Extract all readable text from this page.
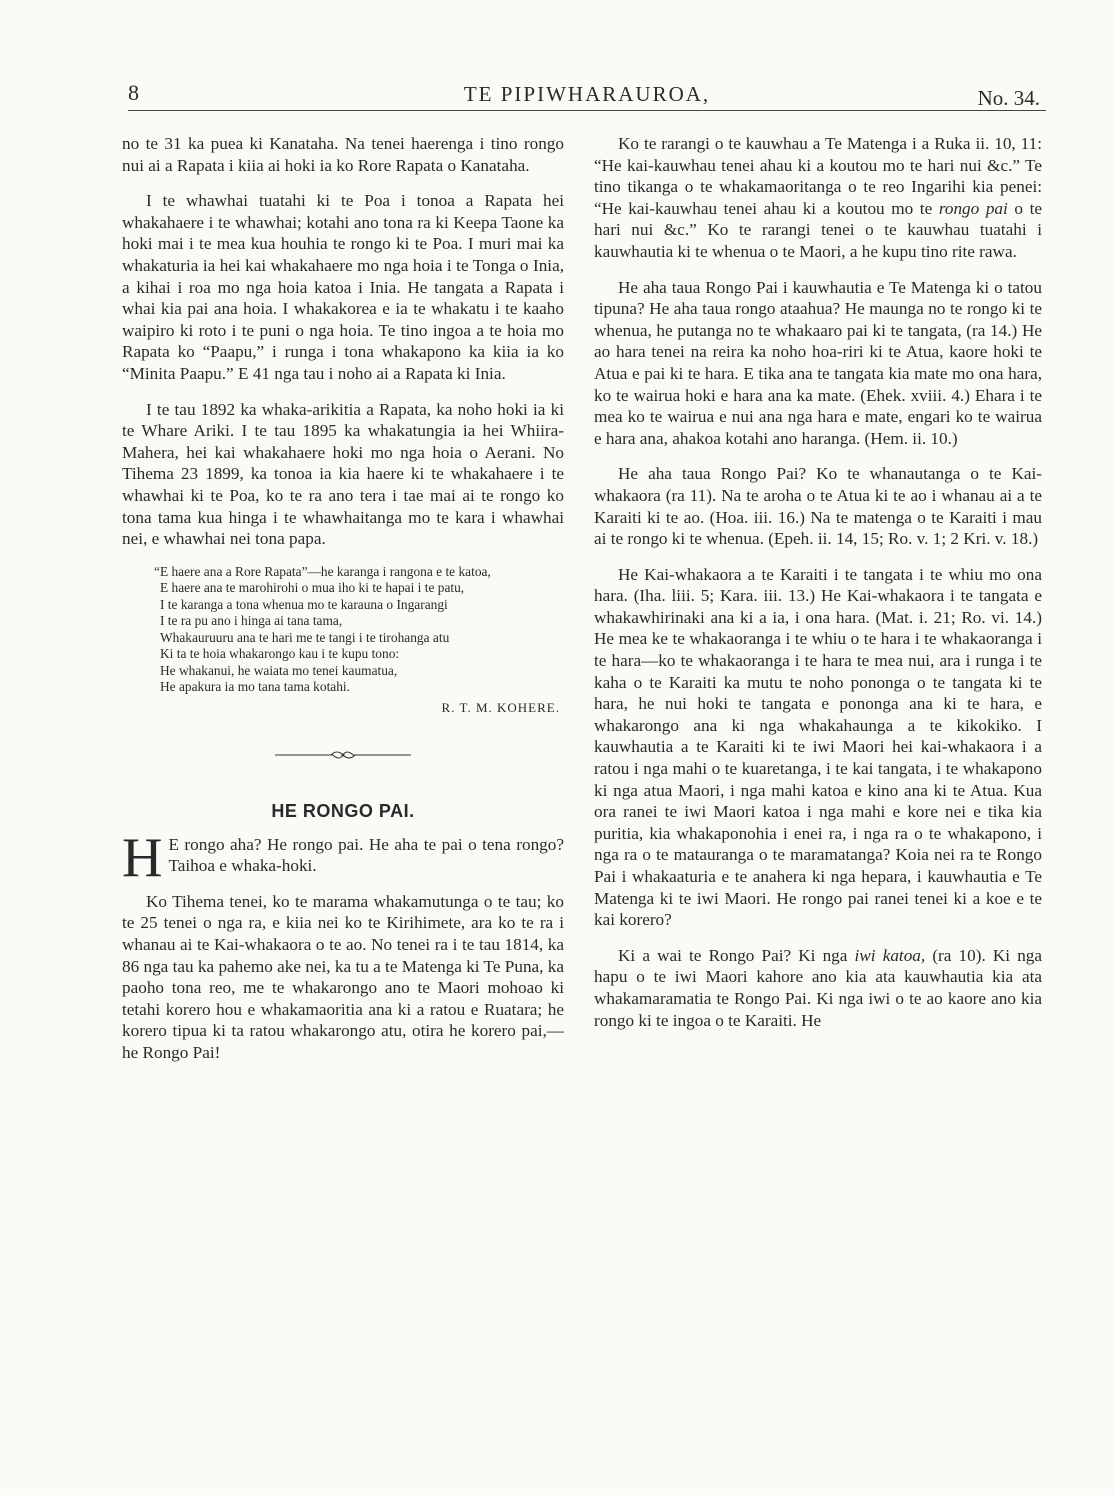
8	TE PIPIWHARAUROA,	No. 34.

no te 31 ka puea ki Kanataha. Na tenei haerenga i tino rongo nui ai a Rapata i kiia ai hoki ia ko Rore Rapata o Kanataha.

I te whawhai tuatahi ki te Poa i tonoa a Rapata hei whakahaere i te whawhai; kotahi ano tona ra ki Keepa Taone ka hoki mai i te mea kua houhia te rongo ki te Poa. I muri mai ka whakaturia ia hei kai whakahaere mo nga hoia i te Tonga o Inia, a kihai i roa mo nga hoia katoa i Inia. He tangata a Rapata i whai kia pai ana hoia. I whakakorea e ia te whakatu i te kaaho waipiro ki roto i te puni o nga hoia. Te tino ingoa a te hoia mo Rapata ko “Paapu,” i runga i tona whakapono ka kiia ia ko “Minita Paapu.” E 41 nga tau i noho ai a Rapata ki Inia.

I te tau 1892 ka whaka-arikitia a Rapata, ka noho hoki ia ki te Whare Ariki. I te tau 1895 ka whakatungia ia hei Whiira-Mahera, hei kai whakahaere hoki mo nga hoia o Aerani. No Tihema 23 1899, ka tonoa ia kia haere ki te whakahaere i te whawhai ki te Poa, ko te ra ano tera i tae mai ai te rongo ko tona tama kua hinga i te whawhaitanga mo te kara i whawhai nei, e whawhai nei tona papa.

“E haere ana a Rore Rapata”—he karanga i rangona e te katoa,
E haere ana te marohirohi o mua iho ki te hapai i te patu,
I te karanga a tona whenua mo te karauna o Ingarangi
I te ra pu ano i hinga ai tana tama,
Whakauruuru ana te hari me te tangi i te tirohanga atu
Ki ta te hoia whakarongo kau i te kupu tono:
He whakanui, he waiata mo tenei kaumatua,
He apakura ia mo tana tama kotahi.
R. T. M. KOHERE.
HE RONGO PAI.

H E rongo aha? He rongo pai. He aha te pai o tena rongo? Taihoa e whaka-hoki.

Ko Tihema tenei, ko te marama whakamutunga o te tau; ko te 25 tenei o nga ra, e kiia nei ko te Kirihimete, ara ko te ra i whanau ai te Kai-whakaora o te ao. No tenei ra i te tau 1814, ka 86 nga tau ka pahemo ake nei, ka tu a te Matenga ki Te Puna, ka paoho tona reo, me te whakarongo ano te Maori mohoao ki tetahi korero hou e whakamaoritia ana ki a ratou e Ruatara; he korero tipua ki ta ratou whakarongo atu, otira he korero pai,—he Rongo Pai!

Ko te rarangi o te kauwhau a Te Matenga i a Ruka ii. 10, 11: “He kai-kauwhau tenei ahau ki a koutou mo te hari nui &c.” Te tino tikanga o te whakamaoritanga o te reo Ingarihi kia penei: “He kai-kauwhau tenei ahau ki a koutou mo te rongo pai o te hari nui &c.” Ko te rarangi tenei o te kauwhau tuatahi i kauwhautia ki te whenua o te Maori, a he kupu tino rite rawa.

He aha taua Rongo Pai i kauwhautia e Te Matenga ki o tatou tipuna? He aha taua rongo ataahua? He maunga no te rongo ki te whenua, he putanga no te whakaaro pai ki te tangata, (ra 14.) He ao hara tenei na reira ka noho hoa-riri ki te Atua, kaore hoki te Atua e pai ki te hara. E tika ana te tangata kia mate mo ona hara, ko te wairua hoki e hara ana ka mate. (Ehek. xviii. 4.) Ehara i te mea ko te wairua e nui ana nga hara e mate, engari ko te wairua e hara ana, ahakoa kotahi ano haranga. (Hem. ii. 10.)

He aha taua Rongo Pai? Ko te whanautanga o te Kai-whakaora (ra 11). Na te aroha o te Atua ki te ao i whanau ai a te Karaiti ki te ao. (Hoa. iii. 16.) Na te matenga o te Karaiti i mau ai te rongo ki te whenua. (Epeh. ii. 14, 15; Ro. v. 1; 2 Kri. v. 18.)

He Kai-whakaora a te Karaiti i te tangata i te whiu mo ona hara. (Iha. liii. 5; Kara. iii. 13.) He Kai-whakaora i te tangata e whakawhirinaki ana ki a ia, i ona hara. (Mat. i. 21; Ro. vi. 14.) He mea ke te whakaoranga i te whiu o te hara i te whakaoranga i te hara—ko te whakaoranga i te hara te mea nui, ara i runga i te kaha o te Karaiti ka mutu te noho pononga o te tangata ki te hara, he nui hoki te tangata e pononga ana ki te hara, e whakarongo ana ki nga whakahaunga a te kikokiko. I kauwhautia a te Karaiti ki te iwi Maori hei kai-whakaora i a ratou i nga mahi o te kuaretanga, i te kai tangata, i te whakapono ki nga atua Maori, i nga mahi katoa e kino ana ki te Atua. Kua ora ranei te iwi Maori katoa i nga mahi e kore nei e tika kia puritia, kia whakaponohia i enei ra, i nga ra o te whakapono, i nga ra o te matauranga o te maramatanga? Koia nei ra te Rongo Pai i whakaaturia e te anahera ki nga hepara, i kauwhautia e Te Matenga ki te iwi Maori. He rongo pai ranei tenei ki a koe e te kai korero?

Ki a wai te Rongo Pai? Ki nga iwi katoa, (ra 10). Ki nga hapu o te iwi Maori kahore ano kia ata kauwhautia kia ata whakamaramatia te Rongo Pai. Ki nga iwi o te ao kaore ano kia rongo ki te ingoa o te Karaiti. He
